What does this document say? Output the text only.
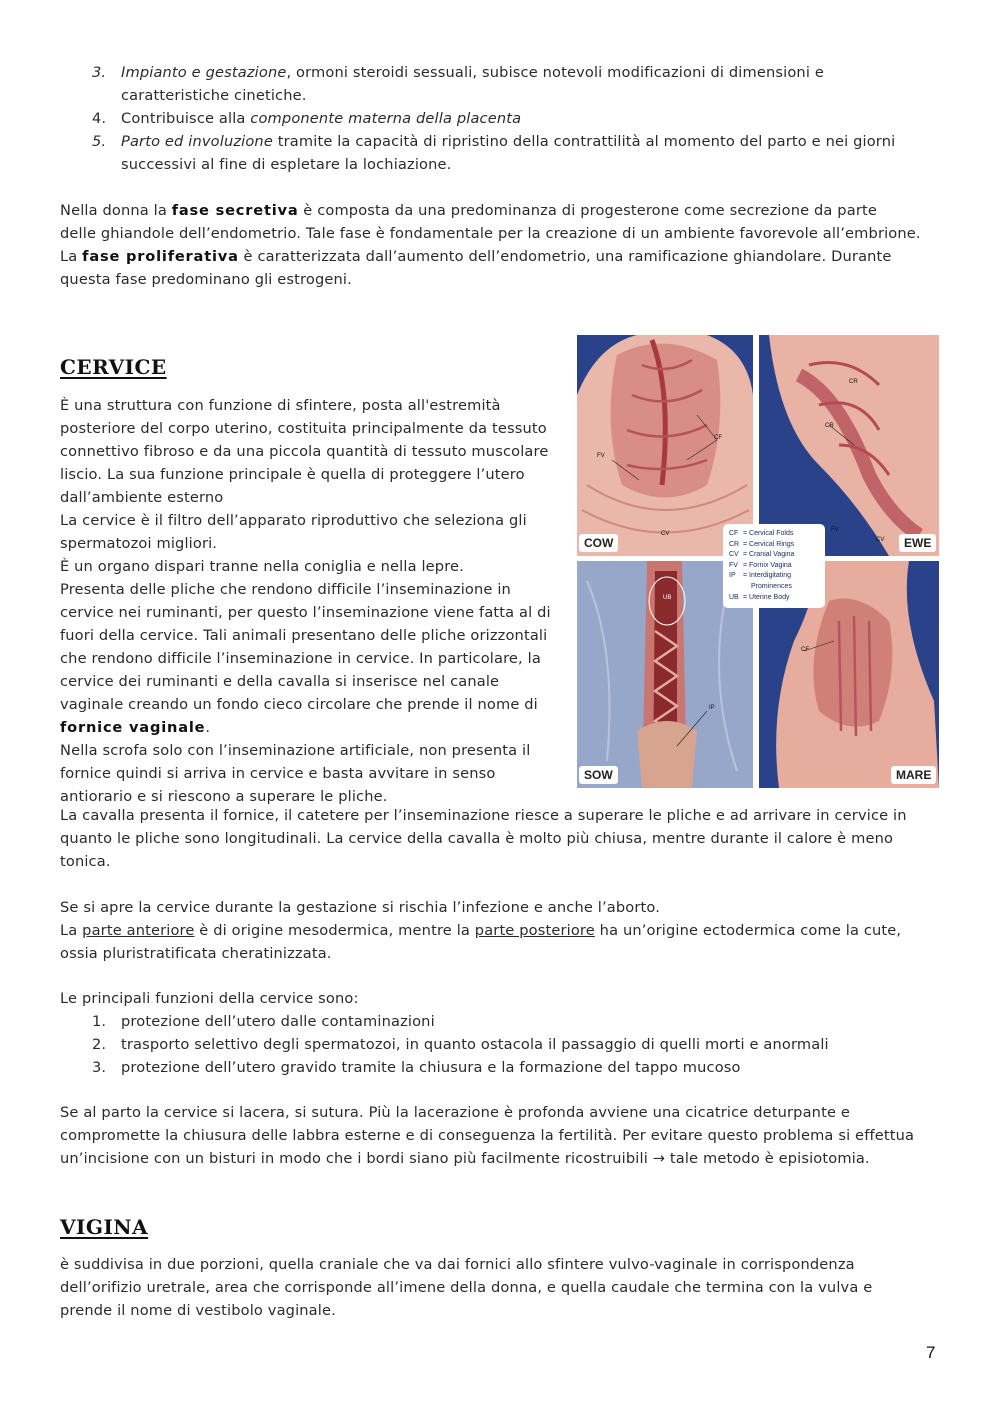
3. Impianto e gestazione, ormoni steroidi sessuali, subisce notevoli modificazioni di dimensioni e
caratteristiche cinetiche.
4. Contribuisce alla componente materna della placenta
5. Parto ed involuzione tramite la capacità di ripristino della contrattilità al momento del parto e nei giorni
successivi al fine di espletare la lochiazione.
Nella donna la fase secretiva è composta da una predominanza di progesterone come secrezione da parte
delle ghiandole dell’endometrio. Tale fase è fondamentale per la creazione di un ambiente favorevole all’embrione.
La fase proliferativa è caratterizzata dall’aumento dell’endometrio, una ramificazione ghiandolare. Durante
questa fase predominano gli estrogeni.
CERVICE
È una struttura con funzione di sfintere, posta all'estremità
posteriore del corpo uterino, costituita principalmente da tessuto
connettivo fibroso e da una piccola quantità di tessuto muscolare
liscio. La sua funzione principale è quella di proteggere l’utero
dall’ambiente esterno
La cervice è il filtro dell’apparato riproduttivo che seleziona gli
spermatozoi migliori.
È un organo dispari tranne nella coniglia e nella lepre.
Presenta delle pliche che rendono difficile l’inseminazione in
cervice nei ruminanti, per questo l’inseminazione viene fatta al di
fuori della cervice. Tali animali presentano delle pliche orizzontali
che rendono difficile l’inseminazione in cervice. In particolare, la
cervice dei ruminanti e della cavalla si inserisce nel canale
vaginale creando un fondo cieco circolare che prende il nome di
fornice vaginale.
Nella scrofa solo con l’inseminazione artificiale, non presenta il
fornice quindi si arriva in cervice e basta avvitare in senso
antiorario e si riescono a superare le pliche.
La cavalla presenta il fornice, il catetere per l’inseminazione riesce a superare le pliche e ad arrivare in cervice in
quanto le pliche sono longitudinali. La cervice della cavalla è molto più chiusa, mentre durante il calore è meno
tonica.
Se si apre la cervice durante la gestazione si rischia l’infezione e anche l’aborto.
La parte anteriore è di origine mesodermica, mentre la parte posteriore ha un’origine ectodermica come la cute,
ossia pluristratificata cheratinizzata.
Le principali funzioni della cervice sono:
1. protezione dell’utero dalle contaminazioni
2. trasporto selettivo degli spermatozoi, in quanto ostacola il passaggio di quelli morti e anormali
3. protezione dell’utero gravido tramite la chiusura e la formazione del tappo mucoso
Se al parto la cervice si lacera, si sutura. Più la lacerazione è profonda avviene una cicatrice deturpante e
compromette la chiusura delle labbra esterne e di conseguenza la fertilità. Per evitare questo problema si effettua
un’incisione con un bisturi in modo che i bordi siano più facilmente ricostruibili → tale metodo è episiotomia.
VIGINA
è suddivisa in due porzioni, quella craniale che va dai fornici allo sfintere vulvo-vaginale in corrispondenza
dell’orifizio uretrale, area che corrisponde all’imene della donna, e quella caudale che termina con la vulva e
prende il nome di vestibolo vaginale.
FV
CF
CV
COW
CR
CR
FV
CV	EWE
UB
IP
SOW
CF
MARE
CF = Cervical Folds
CR = Cervical Rings
CV = Cranial Vagina
FV = Fornix Vagina
IP = Interdigitating
Prominences
UB = Uterine Body
7
